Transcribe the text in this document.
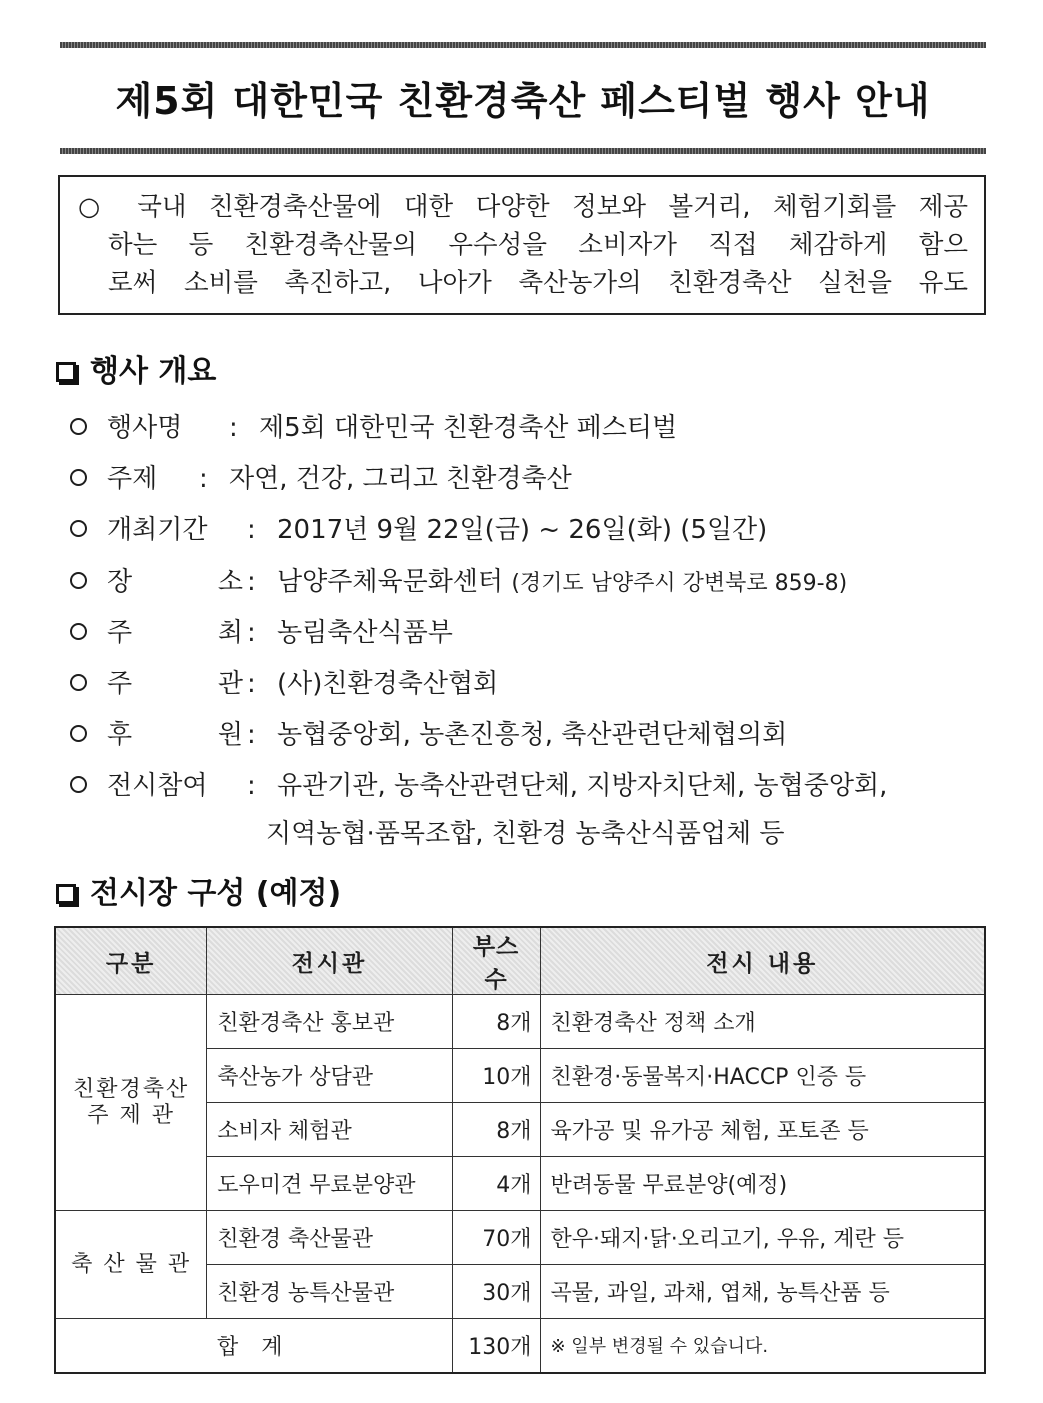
제5회 대한민국 친환경축산 페스티벌 행사 안내
○ 국내 친환경축산물에 대한 다양한 정보와 볼거리, 체험기회를 제공
하는 등 친환경축산물의 우수성을 소비자가 직접 체감하게 함으
로써 소비를 촉진하고, 나아가 축산농가의 친환경축산 실천을 유도
행사 개요
행사명 : 제5회 대한민국 친환경축산 페스티벌
주제 : 자연, 건강, 그리고 친환경축산
개최기간 : 2017년 9월 22일(금) ~ 26일(화) (5일간)
장 소 : 남양주체육문화센터 (경기도 남양주시 강변북로 859-8)
주 최 : 농림축산식품부
주 관 : (사)친환경축산협회
후 원 : 농협중앙회, 농촌진흥청, 축산관련단체협의회
전시참여 : 유관기관, 농축산관련단체, 지방자치단체, 농협중앙회,
지역농협·품목조합, 친환경 농축산식품업체 등
전시장 구성 (예정)
구분	전시관	부스수	전시 내용

친환경축산
주 제 관	친환경축산 홍보관	8개	친환경축산 정책 소개
	축산농가 상담관	10개	친환경·동물복지·HACCP 인증 등
	소비자 체험관	8개	육가공 및 유가공 체험, 포토존 등
	도우미견 무료분양관	4개	반려동물 무료분양(예정)
축 산 물 관	친환경 축산물관	70개	한우·돼지·닭·오리고기, 우유, 계란 등
	친환경 농특산물관	30개	곡물, 과일, 과채, 엽채, 농특산품 등
합 계		130개	※ 일부 변경될 수 있습니다.
